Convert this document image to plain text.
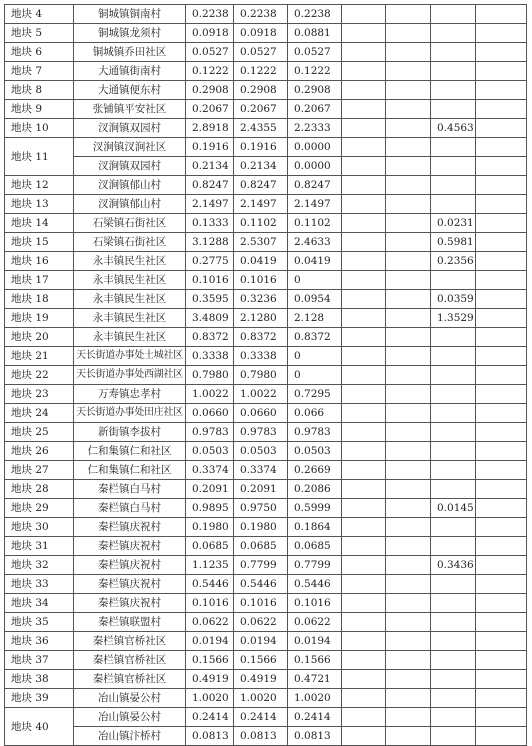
地块 4	铜城镇铜南村	0.2238	0.2238	0.2238				
地块 5	铜城镇龙须村	0.0918	0.0918	0.0881				
地块 6	铜城镇乔田社区	0.0527	0.0527	0.0527				
地块 7	大通镇街南村	0.1222	0.1222	0.1222				
地块 8	大通镇便东村	0.2908	0.2908	0.2908				
地块 9	张铺镇平安社区	0.2067	0.2067	0.2067				
地块 10	汊涧镇双园村	2.8918	2.4355	2.2333			0.4563	
地块 11	汊涧镇汊涧社区	0.1916	0.1916	0.0000				
	汊涧镇双园村	0.2134	0.2134	0.0000				
地块 12	汊涧镇郁山村	0.8247	0.8247	0.8247				
地块 13	汊涧镇郁山村	2.1497	2.1497	2.1497				
地块 14	石梁镇石街社区	0.1333	0.1102	0.1102			0.0231	
地块 15	石梁镇石街社区	3.1288	2.5307	2.4633			0.5981	
地块 16	永丰镇民生社区	0.2775	0.0419	0.0419			0.2356	
地块 17	永丰镇民生社区	0.1016	0.1016	0				
地块 18	永丰镇民生社区	0.3595	0.3236	0.0954			0.0359	
地块 19	永丰镇民生社区	3.4809	2.1280	2.128			1.3529	
地块 20	永丰镇民生社区	0.8372	0.8372	0.8372				
地块 21	天长街道办事处土城社区	0.3338	0.3338	0				
地块 22	天长街道办事处西湖社区	0.7980	0.7980	0				
地块 23	万寿镇忠孝村	1.0022	1.0022	0.7295				
地块 24	天长街道办事处田庄社区	0.0660	0.0660	0.066				
地块 25	新街镇李拔村	0.9783	0.9783	0.9783				
地块 26	仁和集镇仁和社区	0.0503	0.0503	0.0503				
地块 27	仁和集镇仁和社区	0.3374	0.3374	0.2669				
地块 28	秦栏镇白马村	0.2091	0.2091	0.2086				
地块 29	秦栏镇白马村	0.9895	0.9750	0.5999			0.0145	
地块 30	秦栏镇庆祝村	0.1980	0.1980	0.1864				
地块 31	秦栏镇庆祝村	0.0685	0.0685	0.0685				
地块 32	秦栏镇庆祝村	1.1235	0.7799	0.7799			0.3436	
地块 33	秦栏镇庆祝村	0.5446	0.5446	0.5446				
地块 34	秦栏镇庆祝村	0.1016	0.1016	0.1016				
地块 35	秦栏镇联盟村	0.0622	0.0622	0.0622				
地块 36	秦栏镇官桥社区	0.0194	0.0194	0.0194				
地块 37	秦栏镇官桥社区	0.1566	0.1566	0.1566				
地块 38	秦栏镇官桥社区	0.4919	0.4919	0.4721				
地块 39	冶山镇晏公村	1.0020	1.0020	1.0020				
地块 40	冶山镇晏公村	0.2414	0.2414	0.2414				
	冶山镇汴桥村	0.0813	0.0813	0.0813				
